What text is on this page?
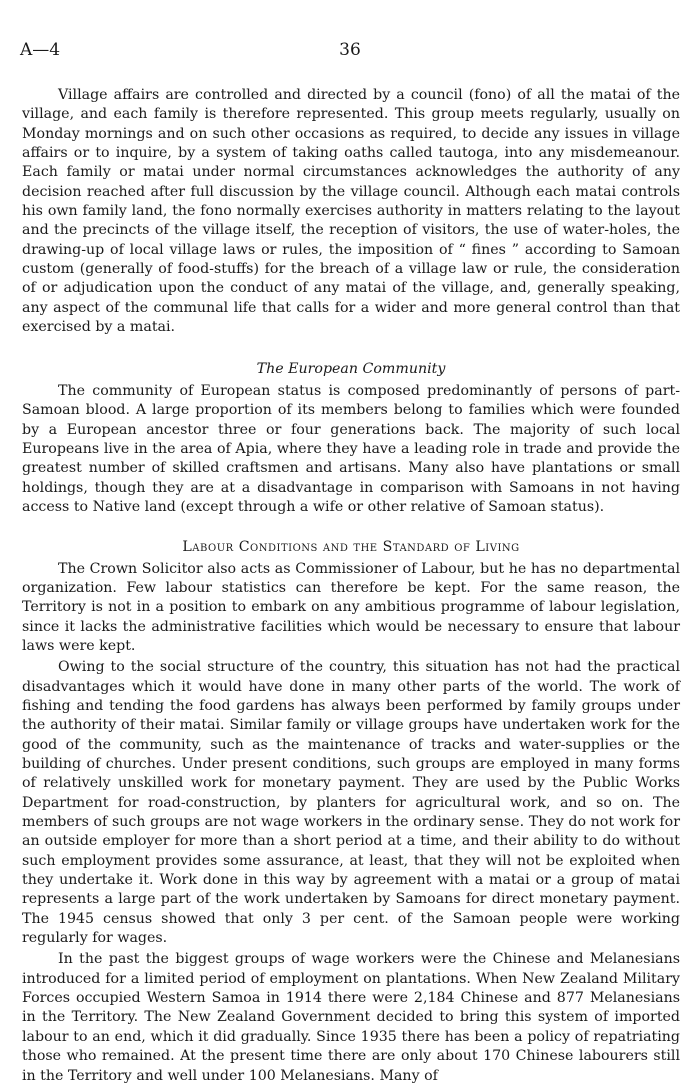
A—4	36

Village affairs are controlled and directed by a council (fono) of all the matai of the village, and each family is therefore represented. This group meets regularly, usually on Monday mornings and on such other occasions as required, to decide any issues in village affairs or to inquire, by a system of taking oaths called tautoga, into any misdemeanour. Each family or matai under normal circumstances acknowledges the authority of any decision reached after full discussion by the village council. Although each matai controls his own family land, the fono normally exercises authority in matters relating to the layout and the precincts of the village itself, the reception of visitors, the use of water-holes, the drawing-up of local village laws or rules, the imposition of “ fines ” according to Samoan custom (generally of food-stuffs) for the breach of a village law or rule, the consideration of or adjudication upon the conduct of any matai of the village, and, generally speaking, any aspect of the communal life that calls for a wider and more general control than that exercised by a matai.

The European Community

The community of European status is composed predominantly of persons of part-Samoan blood. A large proportion of its members belong to families which were founded by a European ancestor three or four generations back. The majority of such local Europeans live in the area of Apia, where they have a leading role in trade and provide the greatest number of skilled craftsmen and artisans. Many also have plantations or small holdings, though they are at a disadvantage in comparison with Samoans in not having access to Native land (except through a wife or other relative of Samoan status).

Labour Conditions and the Standard of Living

The Crown Solicitor also acts as Commissioner of Labour, but he has no departmental organization. Few labour statistics can therefore be kept. For the same reason, the Territory is not in a position to embark on any ambitious programme of labour legislation, since it lacks the administrative facilities which would be necessary to ensure that labour laws were kept.

Owing to the social structure of the country, this situation has not had the practical disadvantages which it would have done in many other parts of the world. The work of fishing and tending the food gardens has always been performed by family groups under the authority of their matai. Similar family or village groups have undertaken work for the good of the community, such as the maintenance of tracks and water-supplies or the building of churches. Under present conditions, such groups are employed in many forms of relatively unskilled work for monetary payment. They are used by the Public Works Department for road-construction, by planters for agricultural work, and so on. The members of such groups are not wage workers in the ordinary sense. They do not work for an outside employer for more than a short period at a time, and their ability to do without such employment provides some assurance, at least, that they will not be exploited when they undertake it. Work done in this way by agreement with a matai or a group of matai represents a large part of the work undertaken by Samoans for direct monetary payment. The 1945 census showed that only 3 per cent. of the Samoan people were working regularly for wages.

In the past the biggest groups of wage workers were the Chinese and Melanesians introduced for a limited period of employment on plantations. When New Zealand Military Forces occupied Western Samoa in 1914 there were 2,184 Chinese and 877 Melanesians in the Territory. The New Zealand Government decided to bring this system of imported labour to an end, which it did gradually. Since 1935 there has been a policy of repatriating those who remained. At the present time there are only about 170 Chinese labourers still in the Territory and well under 100 Melanesians. Many of
